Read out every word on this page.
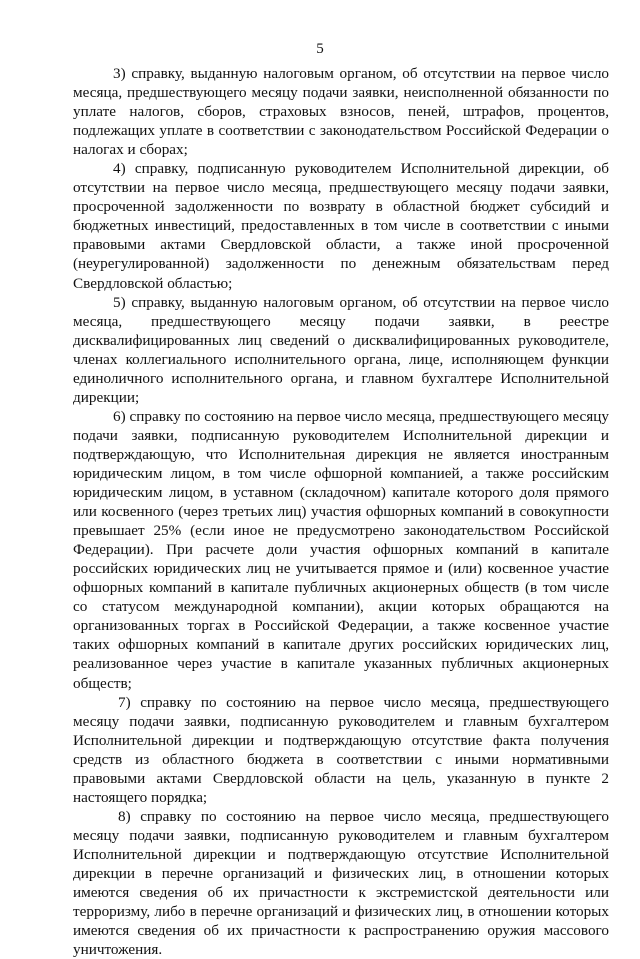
5

3) справку, выданную налоговым органом, об отсутствии на первое число месяца, предшествующего месяцу подачи заявки, неисполненной обязанности по уплате налогов, сборов, страховых взносов, пеней, штрафов, процентов, подлежащих уплате в соответствии с законодательством Российской Федерации о налогах и сборах;

4) справку, подписанную руководителем Исполнительной дирекции, об отсутствии на первое число месяца, предшествующего месяцу подачи заявки, просроченной задолженности по возврату в областной бюджет субсидий и бюджетных инвестиций, предоставленных в том числе в соответствии с иными правовыми актами Свердловской области, а также иной просроченной (неурегулированной) задолженности по денежным обязательствам перед Свердловской областью;

5) справку, выданную налоговым органом, об отсутствии на первое число месяца, предшествующего месяцу подачи заявки, в реестре дисквалифицированных лиц сведений о дисквалифицированных руководителе, членах коллегиального исполнительного органа, лице, исполняющем функции единоличного исполнительного органа, и главном бухгалтере Исполнительной дирекции;

6) справку по состоянию на первое число месяца, предшествующего месяцу подачи заявки, подписанную руководителем Исполнительной дирекции и подтверждающую, что Исполнительная дирекция не является иностранным юридическим лицом, в том числе офшорной компанией, а также российским юридическим лицом, в уставном (складочном) капитале которого доля прямого или косвенного (через третьих лиц) участия офшорных компаний в совокупности превышает 25% (если иное не предусмотрено законодательством Российской Федерации). При расчете доли участия офшорных компаний в капитале российских юридических лиц не учитывается прямое и (или) косвенное участие офшорных компаний в капитале публичных акционерных обществ (в том числе со статусом международной компании), акции которых обращаются на организованных торгах в Российской Федерации, а также косвенное участие таких офшорных компаний в капитале других российских юридических лиц, реализованное через участие в капитале указанных публичных акционерных обществ;

7) справку по состоянию на первое число месяца, предшествующего месяцу подачи заявки, подписанную руководителем и главным бухгалтером Исполнительной дирекции и подтверждающую отсутствие факта получения средств из областного бюджета в соответствии с иными нормативными правовыми актами Свердловской области на цель, указанную в пункте 2 настоящего порядка;

8) справку по состоянию на первое число месяца, предшествующего месяцу подачи заявки, подписанную руководителем и главным бухгалтером Исполнительной дирекции и подтверждающую отсутствие Исполнительной дирекции в перечне организаций и физических лиц, в отношении которых имеются сведения об их причастности к экстремистской деятельности или терроризму, либо в перечне организаций и физических лиц, в отношении которых имеются сведения об их причастности к распространению оружия массового уничтожения.
